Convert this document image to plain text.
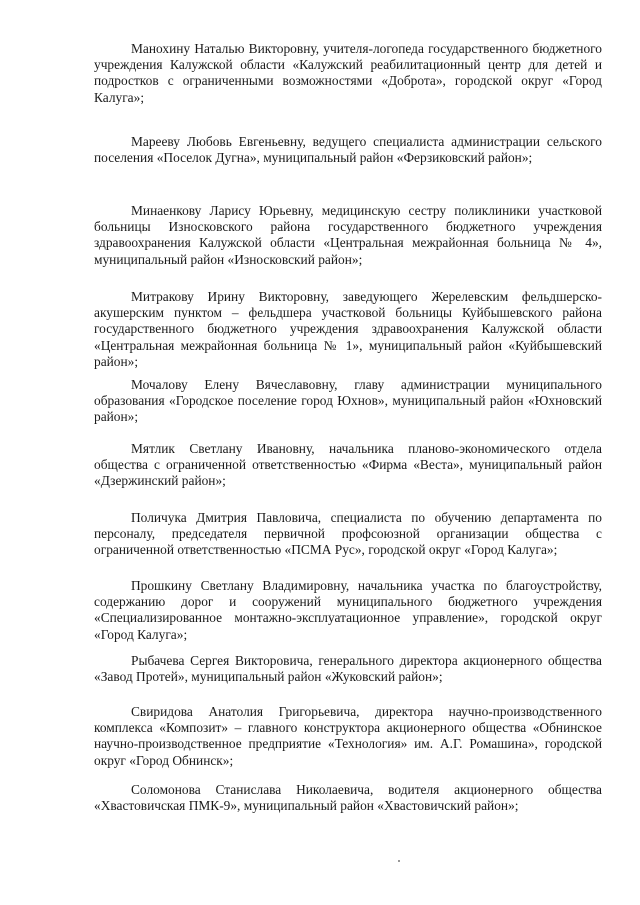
Манохину Наталью Викторовну, учителя-логопеда государственного бюджетного учреждения Калужской области «Калужский реабилитационный центр для детей и подростков с ограниченными возможностями «Доброта», городской округ «Город Калуга»;

Марееву Любовь Евгеньевну, ведущего специалиста администрации сельского поселения «Поселок Дугна», муниципальный район «Ферзиковский район»;

Минаенкову Ларису Юрьевну, медицинскую сестру поликлиники участковой больницы Износковского района государственного бюджетного учреждения здравоохранения Калужской области «Центральная межрайонная больница № 4», муниципальный район «Износковский район»;

Митракову Ирину Викторовну, заведующего Жерелевским фельдшерско-акушерским пунктом – фельдшера участковой больницы Куйбышевского района государственного бюджетного учреждения здравоохранения Калужской области «Центральная межрайонная больница № 1», муниципальный район «Куйбышевский район»;

Мочалову Елену Вячеславовну, главу администрации муниципального образования «Городское поселение город Юхнов», муниципальный район «Юхновский район»;

Мятлик Светлану Ивановну, начальника планово-экономического отдела общества с ограниченной ответственностью «Фирма «Веста», муниципальный район «Дзержинский район»;

Поличука Дмитрия Павловича, специалиста по обучению департамента по персоналу, председателя первичной профсоюзной организации общества с ограниченной ответственностью «ПСМА Рус», городской округ «Город Калуга»;

Прошкину Светлану Владимировну, начальника участка по благоустройству, содержанию дорог и сооружений муниципального бюджетного учреждения «Специализированное монтажно-эксплуатационное управление», городской округ «Город Калуга»;

Рыбачева Сергея Викторовича, генерального директора акционерного общества «Завод Протей», муниципальный район «Жуковский район»;

Свиридова Анатолия Григорьевича, директора научно-производственного комплекса «Композит» – главного конструктора акционерного общества «Обнинское научно-производственное предприятие «Технология» им. А.Г. Ромашина», городской округ «Город Обнинск»;

Соломонова Станислава Николаевича, водителя акционерного общества «Хвастовичская ПМК-9», муниципальный район «Хвастовичский район»;
